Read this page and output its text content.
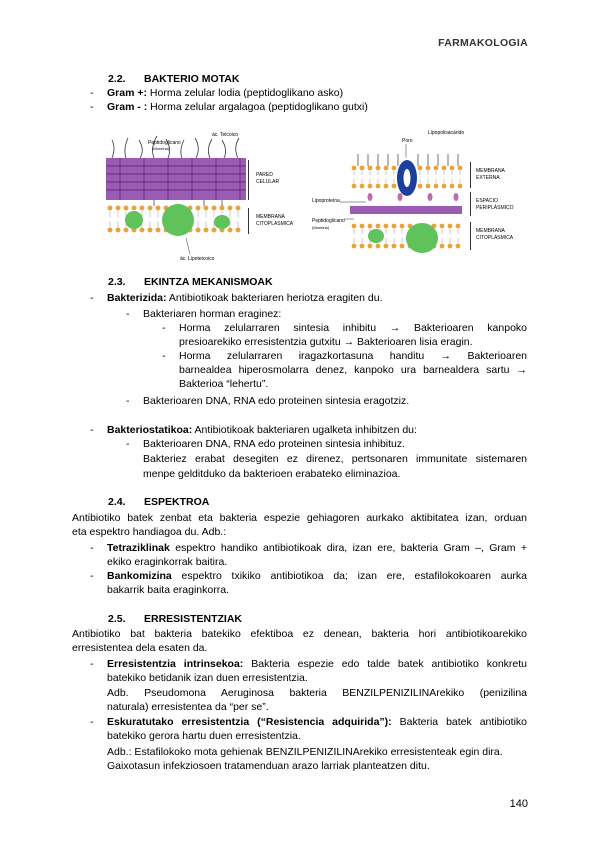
FARMAKOLOGIA
2.2. BAKTERIO MOTAK
- Gram +: Horma zelular lodia (peptidoglikano asko)
- Gram - : Horma zelular argalagoa (peptidoglikano gutxi)
Peptidoglicano
(Mureina)
ác. Teicoico
PARED
CELULAR
MEMBRANA
CITOPLASMICA
ác. Lipoteicoico
Lipopolisacárido
Poro
MEMBRANA
EXTERNA
ESPACIO
PERIPLÁSMICO
Lipoproteína
Peptidoglicano
(Mureina)
MEMBRANA
CITOPLÁSMICA
2.3. EKINTZA MEKANISMOAK
- Bakterizida: Antibiotikoak bakteriaren heriotza eragiten du.
- Bakteriaren horman eraginez:
-	Horma zelularraren sintesia inhibitu → Bakterioaren kanpoko
presioarekiko erresistentzia gutxitu → Bakterioaren lisia eragin.
-	Horma zelularraren iragazkortasuna handitu → Bakterioaren
barnealdea hiperosmolarra denez, kanpoko ura barnealdera sartu →
Bakterioa “lehertu”.
- Bakterioaren DNA, RNA edo proteinen sintesia eragotziz.
- Bakteriostatikoa: Antibiotikoak bakteriaren ugalketa inhibitzen du:
- Bakterioaren DNA, RNA edo proteinen sintesia inhibituz.
Bakteriez erabat desegiten ez direnez, pertsonaren immunitate sistemaren
menpe gelditduko da bakterioen erabateko eliminazioa.
2.4. ESPEKTROA
Antibiotiko batek zenbat eta bakteria espezie gehiagoren aurkako aktibitatea izan, orduan
eta espektro handiagoa du. Adb.:
-	Tetraziklinak espektro handiko antibiotikoak dira, izan ere, bakteria Gram –, Gram +
ekiko eraginkorrak baitira.
-	Bankomizina espektro txikiko antibiotikoa da; izan ere, estafilokokoaren aurka
bakarrik baita eraginkorra.
2.5. ERRESISTENTZIAK
Antibiotiko bat bakteria batekiko efektiboa ez denean, bakteria hori antibiotikoarekiko
erresistentea dela esaten da.
-	Erresistentzia intrinsekoa: Bakteria espezie edo talde batek antibiotiko konkretu
batekiko betidanik izan duen erresistentzia.
Adb. Pseudomona Aeruginosa bakteria BENZILPENIZILINArekiko (penizilina
naturala) erresistentea da “per se”.
-	Eskuratutako erresistentzia (“Resistencia adquirida”): Bakteria batek antibiotiko
batekiko gerora hartu duen erresistentzia.
Adb.: Estafilokoko mota gehienak BENZILPENIZILINArekiko erresistenteak egin dira.
Gaixotasun infekziosoen tratamenduan arazo larriak planteatzen ditu.
140
